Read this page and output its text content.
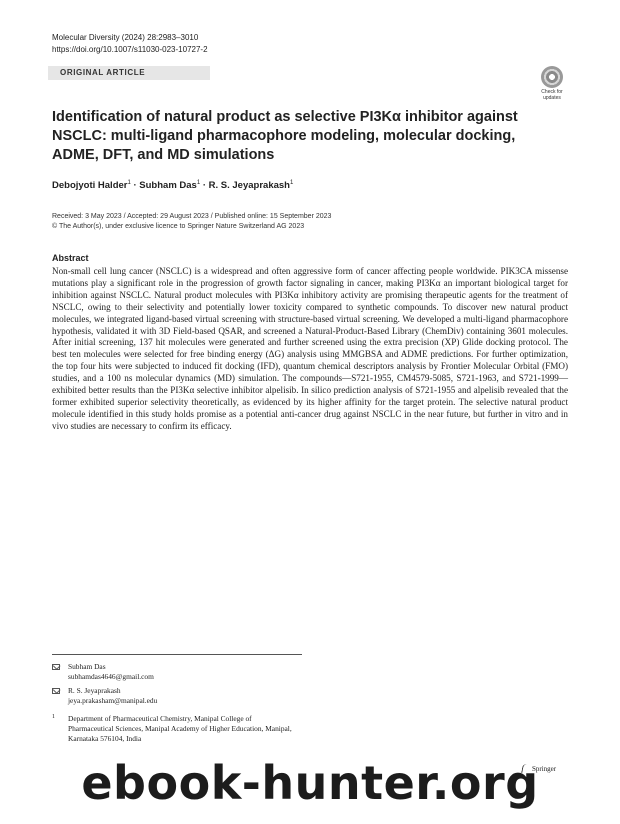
Molecular Diversity (2024) 28:2983–3010
https://doi.org/10.1007/s11030-023-10727-2
ORIGINAL ARTICLE
Check for updates
Identification of natural product as selective PI3Kα inhibitor against NSCLC: multi-ligand pharmacophore modeling, molecular docking, ADME, DFT, and MD simulations
Debojyoti Halder$^1$ · Subham Das$^1$ · R. S. Jeyaprakash$^1$
Received: 3 May 2023 / Accepted: 29 August 2023 / Published online: 15 September 2023
© The Author(s), under exclusive licence to Springer Nature Switzerland AG 2023
Abstract
Non-small cell lung cancer (NSCLC) is a widespread and often aggressive form of cancer affecting people worldwide. PIK3CA missense mutations play a significant role in the progression of growth factor signaling in cancer, making PI3Kα an important biological target for inhibition against NSCLC. Natural product molecules with PI3Kα inhibitory activity are promising therapeutic agents for the treatment of NSCLC, owing to their selectivity and potentially lower toxicity compared to synthetic compounds. To discover new natural product molecules, we integrated ligand-based virtual screening with structure-based virtual screening. We developed a multi-ligand pharmacophore hypothesis, validated it with 3D Field-based QSAR, and screened a Natural-Product-Based Library (ChemDiv) containing 3601 molecules. After initial screening, 137 hit molecules were generated and further screened using the extra precision (XP) Glide docking protocol. The best ten molecules were selected for free binding energy (ΔG) analysis using MMGBSA and ADME predictions. For further optimization, the top four hits were subjected to induced fit docking (IFD), quantum chemical descriptors analysis by Frontier Molecular Orbital (FMO) studies, and a 100 ns molecular dynamics (MD) simulation. The compounds—S721-1955, CM4579-5085, S721-1963, and S721-1999—exhibited better results than the PI3Kα selective inhibitor alpelisib. In silico prediction analysis of S721-1955 and alpelisib revealed that the former exhibited superior selectivity theoretically, as evidenced by its higher affinity for the target protein. The selective natural product molecule identified in this study holds promise as a potential anti-cancer drug against NSCLC in the near future, but further in vitro and in vivo studies are necessary to confirm its efficacy.
Subham Das
subhamdas4646@gmail.com
R. S. Jeyaprakash
jeya.prakasham@manipal.edu
1 Department of Pharmaceutical Chemistry, Manipal College of Pharmaceutical Sciences, Manipal Academy of Higher Education, Manipal, Karnataka 576104, India
Springer
ebook-hunter.org
